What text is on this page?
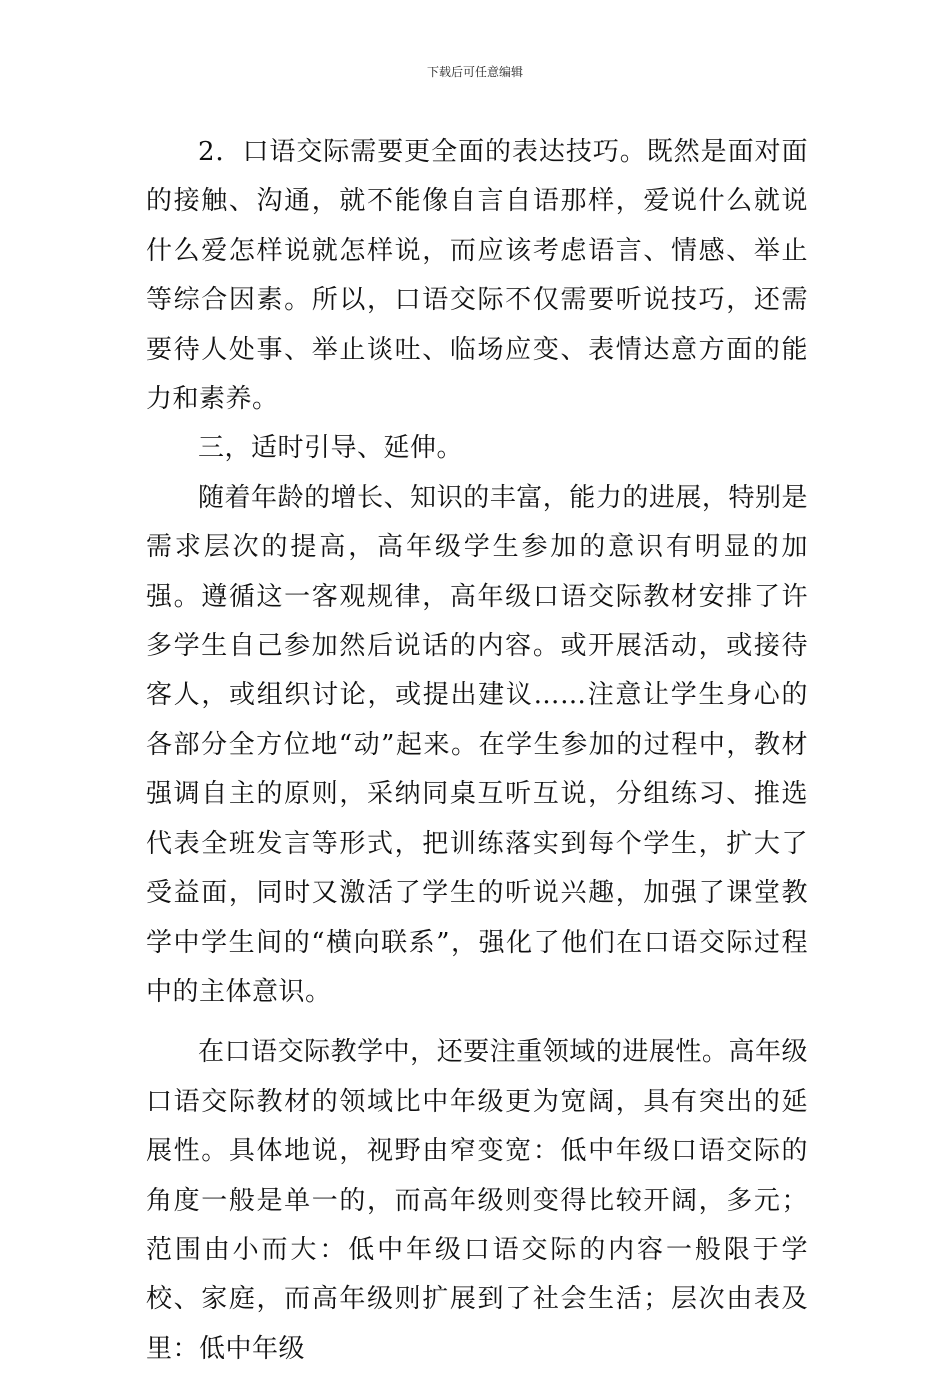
下载后可任意编辑

2．口语交际需要更全面的表达技巧。既然是面对面的接触、沟通，就不能像自言自语那样，爱说什么就说什么爱怎样说就怎样说，而应该考虑语言、情感、举止等综合因素。所以，口语交际不仅需要听说技巧，还需要待人处事、举止谈吐、临场应变、表情达意方面的能力和素养。

三，适时引导、延伸。

随着年龄的增长、知识的丰富，能力的进展，特别是需求层次的提高，高年级学生参加的意识有明显的加强。遵循这一客观规律，高年级口语交际教材安排了许多学生自己参加然后说话的内容。或开展活动，或接待客人，或组织讨论，或提出建议……注意让学生身心的各部分全方位地“动”起来。在学生参加的过程中，教材强调自主的原则，采纳同桌互听互说，分组练习、推选代表全班发言等形式，把训练落实到每个学生，扩大了受益面，同时又激活了学生的听说兴趣，加强了课堂教学中学生间的“横向联系”，强化了他们在口语交际过程中的主体意识。

在口语交际教学中，还要注重领域的进展性。高年级口语交际教材的领域比中年级更为宽阔，具有突出的延展性。具体地说，视野由窄变宽：低中年级口语交际的角度一般是单一的，而高年级则变得比较开阔，多元；范围由小而大：低中年级口语交际的内容一般限于学校、家庭，而高年级则扩展到了社会生活；层次由表及里：低中年级
